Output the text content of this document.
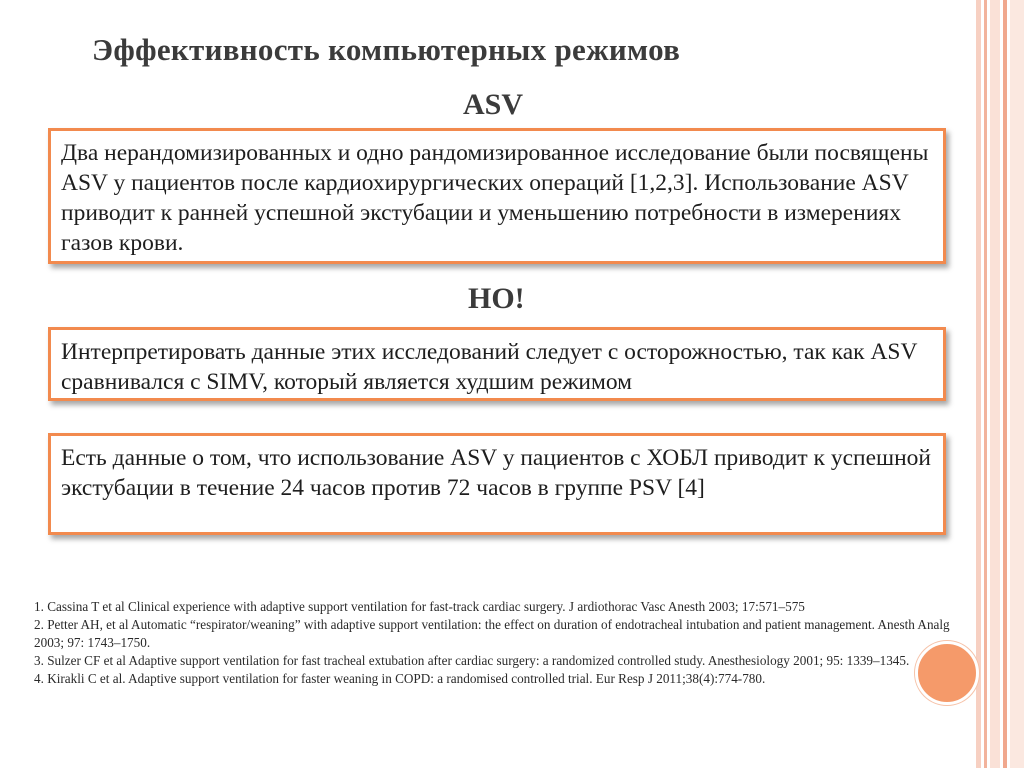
Эффективность компьютерных режимов
ASV
Два нерандомизированных и одно рандомизированное исследование были посвящены ASV у пациентов после кардиохирургических операций [1,2,3]. Использование ASV приводит к ранней успешной экстубации и уменьшению потребности в измерениях газов крови.
НО!
Интерпретировать данные этих исследований следует с осторожностью, так как ASV сравнивался с SIMV, который является худшим режимом
Есть данные о том, что использование ASV у пациентов с ХОБЛ приводит к успешной экстубации в течение 24 часов против 72 часов в группе PSV [4]

1. Cassina T et al Clinical experience with adaptive support ventilation for fast-track cardiac surgery. J ardiothorac Vasc Anesth 2003; 17:571–575

2. Petter AH, et al Automatic “respirator/weaning” with adaptive support ventilation: the effect on duration of endotracheal intubation and patient management. Anesth Analg 2003; 97: 1743–1750.

3. Sulzer CF et al Adaptive support ventilation for fast tracheal extubation after cardiac surgery: a randomized controlled study. Anesthesiology 2001; 95: 1339–1345.

4. Kirakli C et al. Adaptive support ventilation for faster weaning in COPD: a randomised controlled trial. Eur Resp J 2011;38(4):774-780.
